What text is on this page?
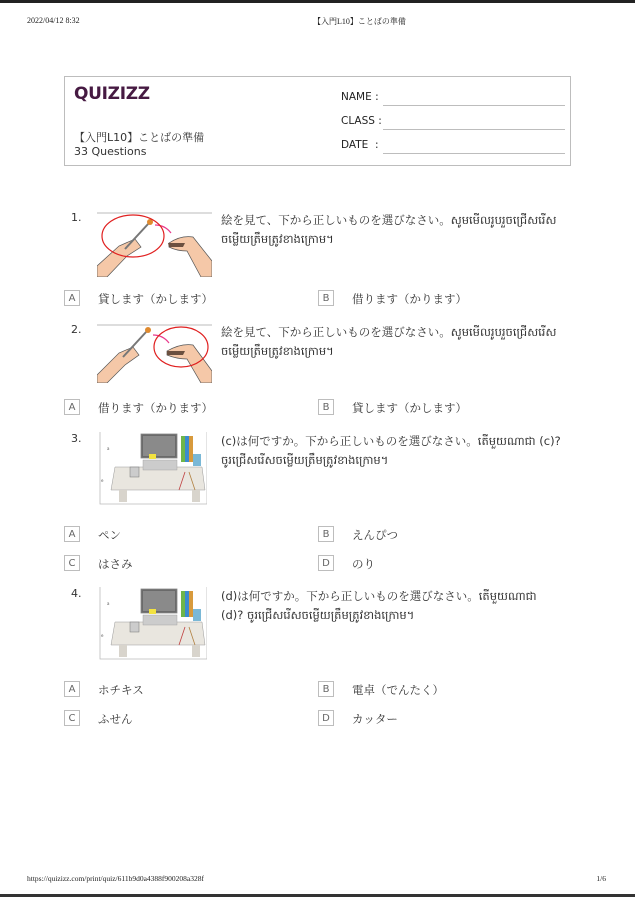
2022/04/12 8:32	【入門L10】ことばの準備
QUIZIZZ
【入門L10】ことばの準備
33 Questions
NAME :
CLASS :
DATE  :
1.	絵を見て、下から正しいものを選びなさい。សូមមើលរូបរួចជ្រើសរើសចម្លើយត្រឹមត្រូវខាងក្រោម។
A	貸します（かします）	B	借ります（かります）
2.	絵を見て、下から正しいものを選びなさい。សូមមើលរូបរួចជ្រើសរើសចម្លើយត្រឹមត្រូវខាងក្រោម។
A	借ります（かります）	B	貸します（かします）
3.
a
e
(c)は何ですか。下から正しいものを選びなさい。តើមួយណាជា (c)? ចូរជ្រើសរើសចម្លើយត្រឹមត្រូវខាងក្រោម។
A	ペン	B	えんぴつ
C	はさみ	D	のり
4.
a
e
(d)は何ですか。下から正しいものを選びなさい。តើមួយណាជា (d)? ចូរជ្រើសរើសចម្លើយត្រឹមត្រូវខាងក្រោម។
A	ホチキス	B	電卓（でんたく）
C	ふせん	D	カッター
https://quizizz.com/print/quiz/611b9d0a4388f900208a328f	1/6
